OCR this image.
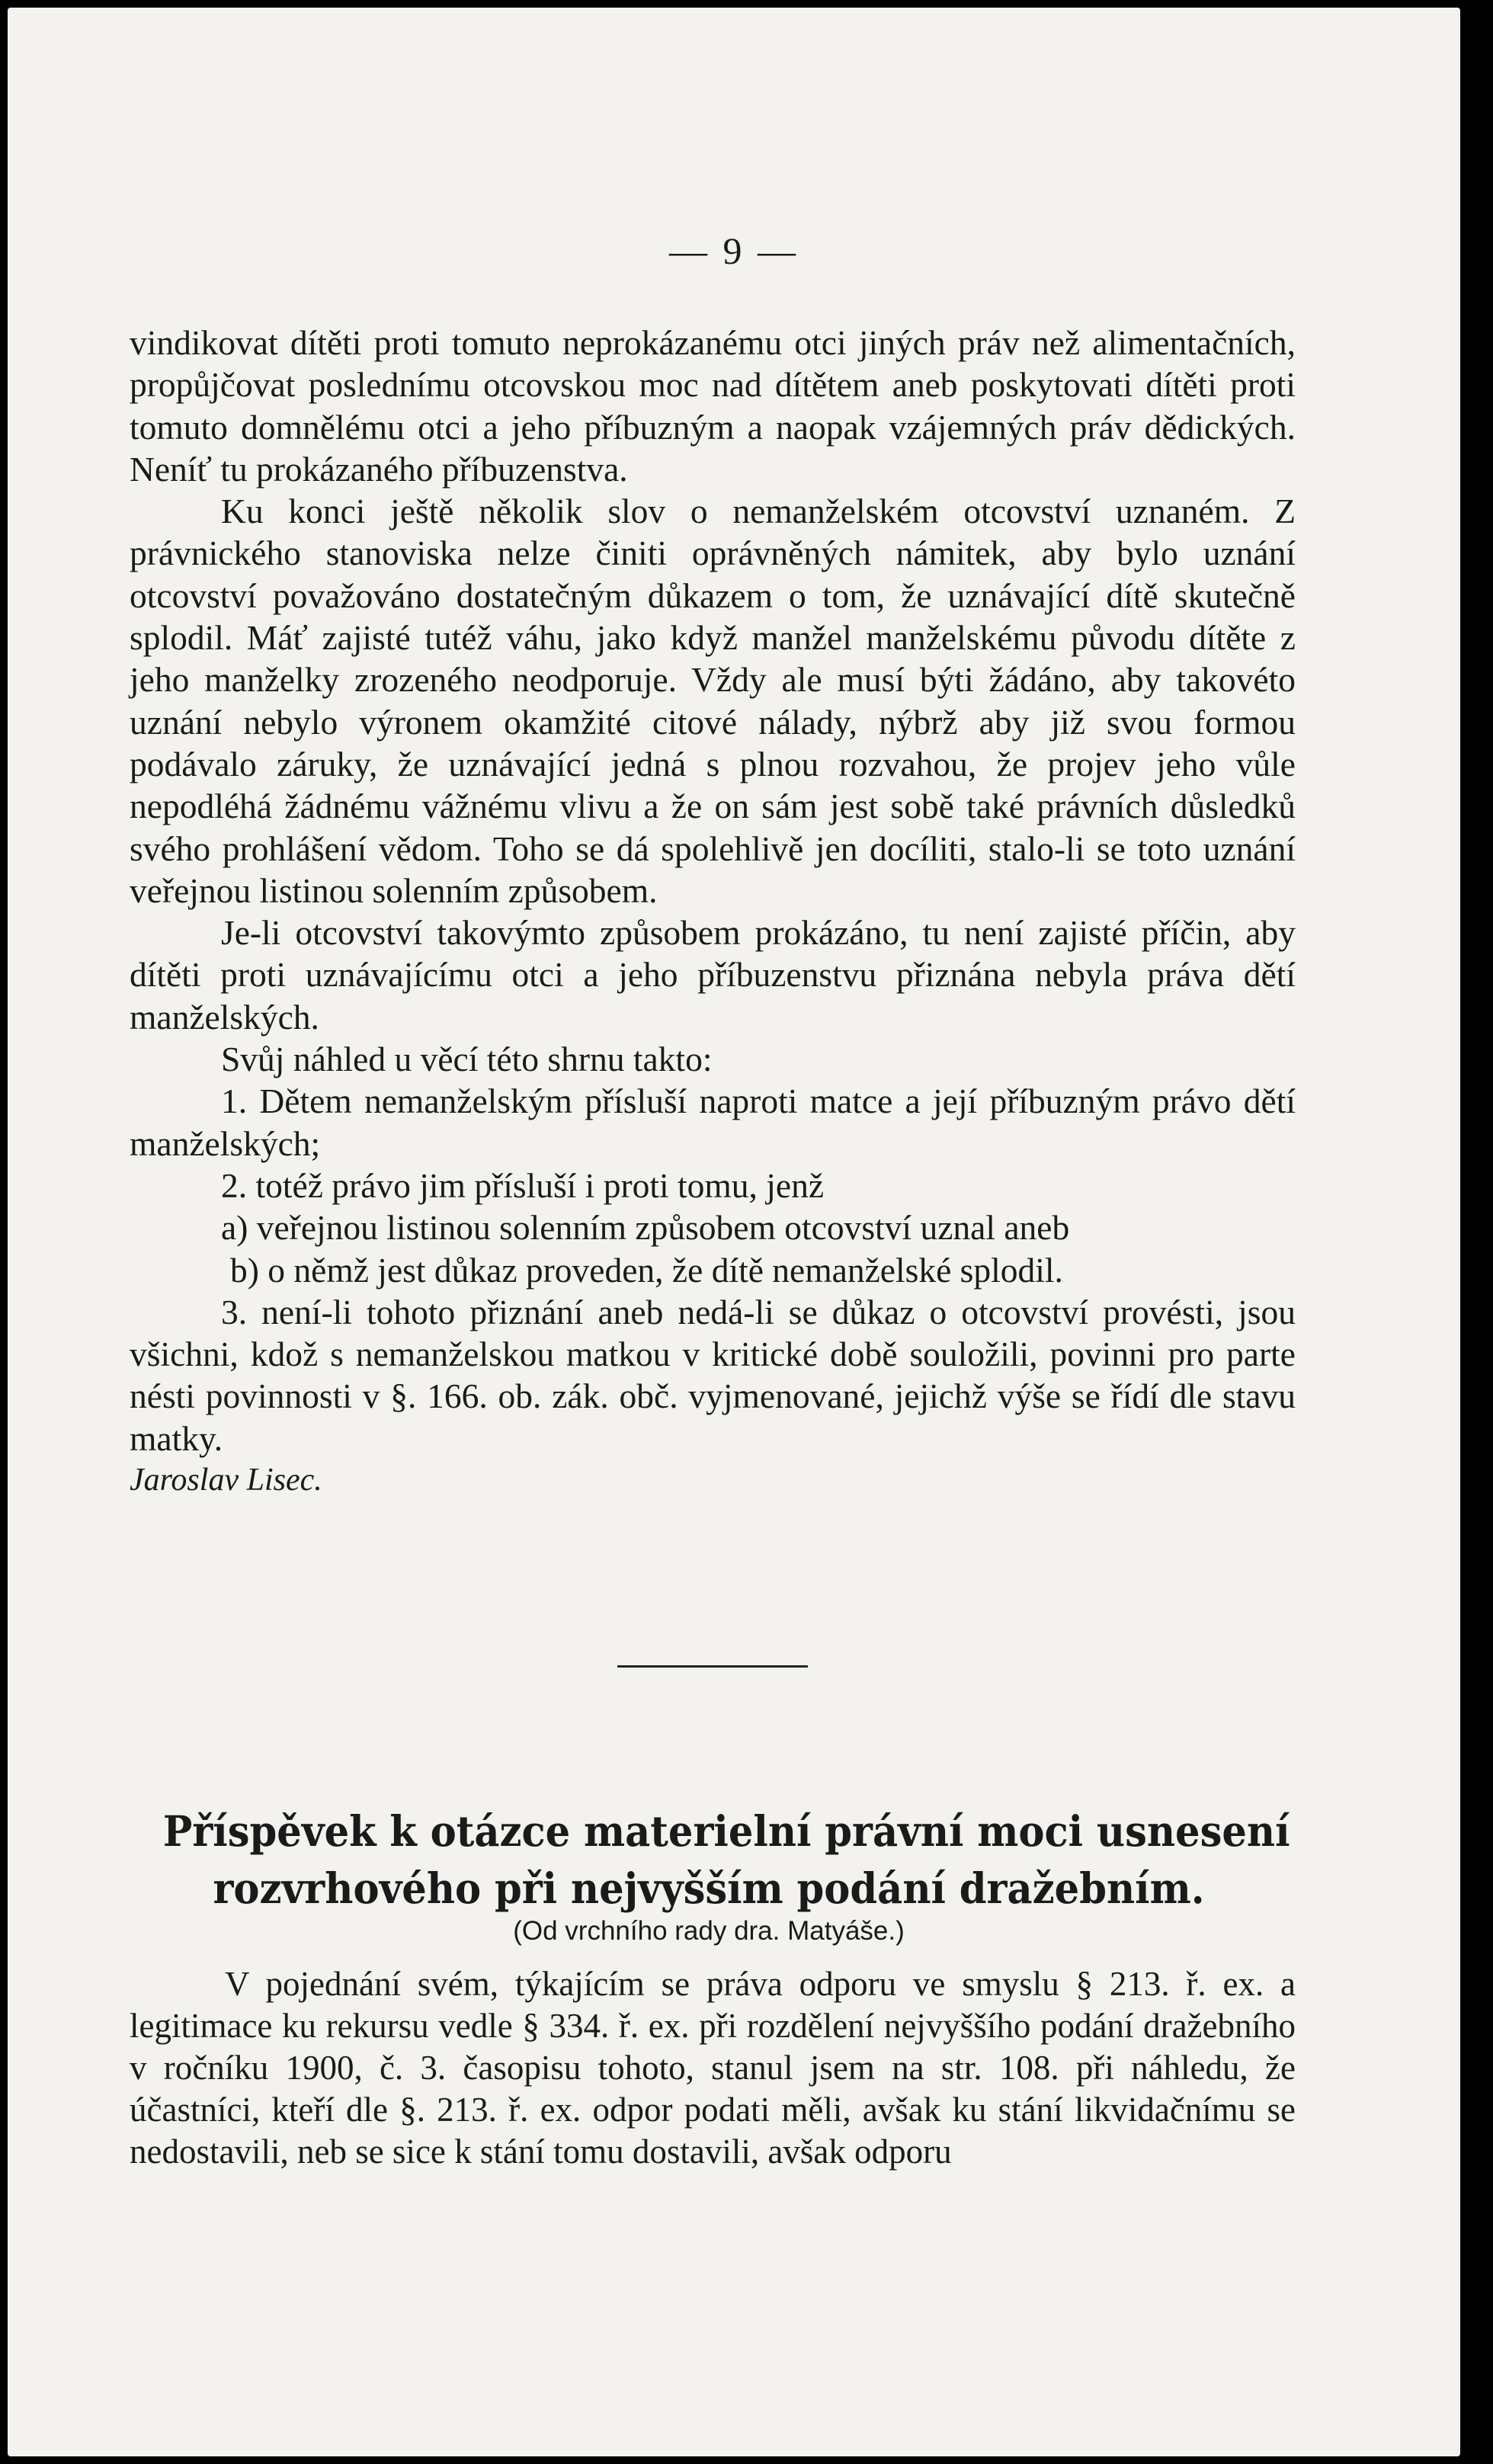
— 9 —

vindikovat dítěti proti tomuto neprokázanému otci jiných práv než alimentačních, propůjčovat poslednímu otcovskou moc nad dítětem aneb poskytovati dítěti proti tomuto domnělému otci a jeho příbuzným a naopak vzájemných práv dědických. Neníť tu prokázaného příbuzenstva.

Ku konci ještě několik slov o nemanželském otcovství uznaném. Z právnického stanoviska nelze činiti oprávněných námitek, aby bylo uznání otcovství považováno dostatečným důkazem o tom, že uznávající dítě skutečně splodil. Máť zajisté tutéž váhu, jako když manžel manželskému původu dítěte z jeho manželky zrozeného neodporuje. Vždy ale musí býti žádáno, aby takovéto uznání nebylo výronem okamžité citové nálady, nýbrž aby již svou formou podávalo záruky, že uznávající jedná s plnou rozvahou, že projev jeho vůle nepodléhá žádnému vážnému vlivu a že on sám jest sobě také právních důsledků svého prohlášení vědom. Toho se dá spolehlivě jen docíliti, stalo-li se toto uznání veřejnou listinou solenním způsobem.

Je-li otcovství takovýmto způsobem prokázáno, tu není zajisté příčin, aby dítěti proti uznávajícímu otci a jeho příbuzenstvu přiznána nebyla práva dětí manželských.

Svůj náhled u věcí této shrnu takto:

1. Dětem nemanželským přísluší naproti matce a její příbuzným právo dětí manželských;

2. totéž právo jim přísluší i proti tomu, jenž

a) veřejnou listinou solenním způsobem otcovství uznal aneb

b) o němž jest důkaz proveden, že dítě nemanželské splodil.

3. není-li tohoto přiznání aneb nedá-li se důkaz o otcovství provésti, jsou všichni, kdož s nemanželskou matkou v kritické době souložili, povinni pro parte nésti povinnosti v §. 166. ob. zák. obč. vyjmenované, jejichž výše se řídí dle stavu matky.

Jaroslav Lisec.

Příspěvek k otázce materielní právní moci usnesení
rozvrhového při nejvyšším podání dražebním.
(Od vrchního rady dra. Matyáše.)

V pojednání svém, týkajícím se práva odporu ve smyslu § 213. ř. ex. a legitimace ku rekursu vedle § 334. ř. ex. při rozdělení nejvyššího podání dražebního v ročníku 1900, č. 3. časopisu tohoto, stanul jsem na str. 108. při náhledu, že účastníci, kteří dle §. 213. ř. ex. odpor podati měli, avšak ku stání likvidačnímu se nedostavili, neb se sice k stání tomu dostavili, avšak odporu
